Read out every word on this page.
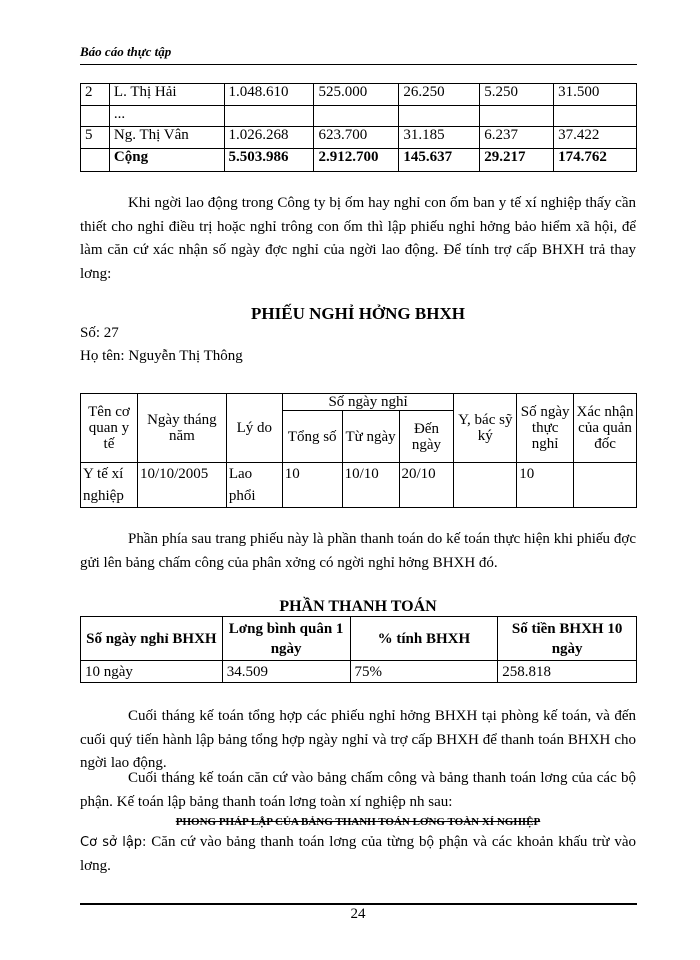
Báo cáo thực tập
2	L. Thị Hải	1.048.610	525.000	26.250	5.250	31.500
	...					
5	Ng. Thị Vân	1.026.268	623.700	31.185	6.237	37.422
	Cộng	5.503.986	2.912.700	145.637	29.217	174.762
Khi ngời lao động trong Công ty bị ốm hay nghỉ con ốm ban y tế xí nghiệp thấy cần thiết cho nghỉ điều trị hoặc nghỉ trông con ốm thì lập phiếu nghỉ hởng bảo hiểm xã hội, để làm căn cứ xác nhận số ngày đợc nghỉ của ngời lao động. Để tính trợ cấp BHXH trả thay lơng:
PHIẾU NGHỈ HỞNG BHXH
Số: 27
Họ tên: Nguyễn Thị Thông
Tên cơ quan y tế	Ngày tháng năm	Lý do	Số ngày nghỉ			Y, bác sỹ ký	Số ngày thực nghỉ	Xác nhận của quản đốc
			Tổng số	Từ ngày	Đến ngày			
Y tế xí nghiệp	10/10/2005	Lao phổi	10	10/10	20/10		10	
Phần phía sau trang phiếu này là phần thanh toán do kế toán thực hiện khi phiếu đợc gửi lên bảng chấm công của phân xởng có ngời nghỉ hởng BHXH đó.
PHẦN THANH TOÁN
Số ngày nghỉ BHXH	Lơng bình quân 1 ngày	% tính BHXH	Số tiền BHXH 10 ngày
10 ngày	34.509	75%	258.818
Cuối tháng kế toán tổng hợp các phiếu nghỉ hởng BHXH tại phòng kế toán, và đến cuối quý tiến hành lập bảng tổng hợp ngày nghỉ và trợ cấp BHXH để thanh toán BHXH cho ngời lao động.
Cuối tháng kế toán căn cứ vào bảng chấm công và bảng thanh toán lơng của các bộ phận. Kế toán lập bảng thanh toán lơng toàn xí nghiệp nh sau:
PHONG PHÁP LẬP CỦA BẢNG THANH TOÁN LƠNG TOÀN XÍ NGHIỆP
Cơ sở lập: Căn cứ vào bảng thanh toán lơng của từng bộ phận và các khoản khấu trừ vào lơng.
24
